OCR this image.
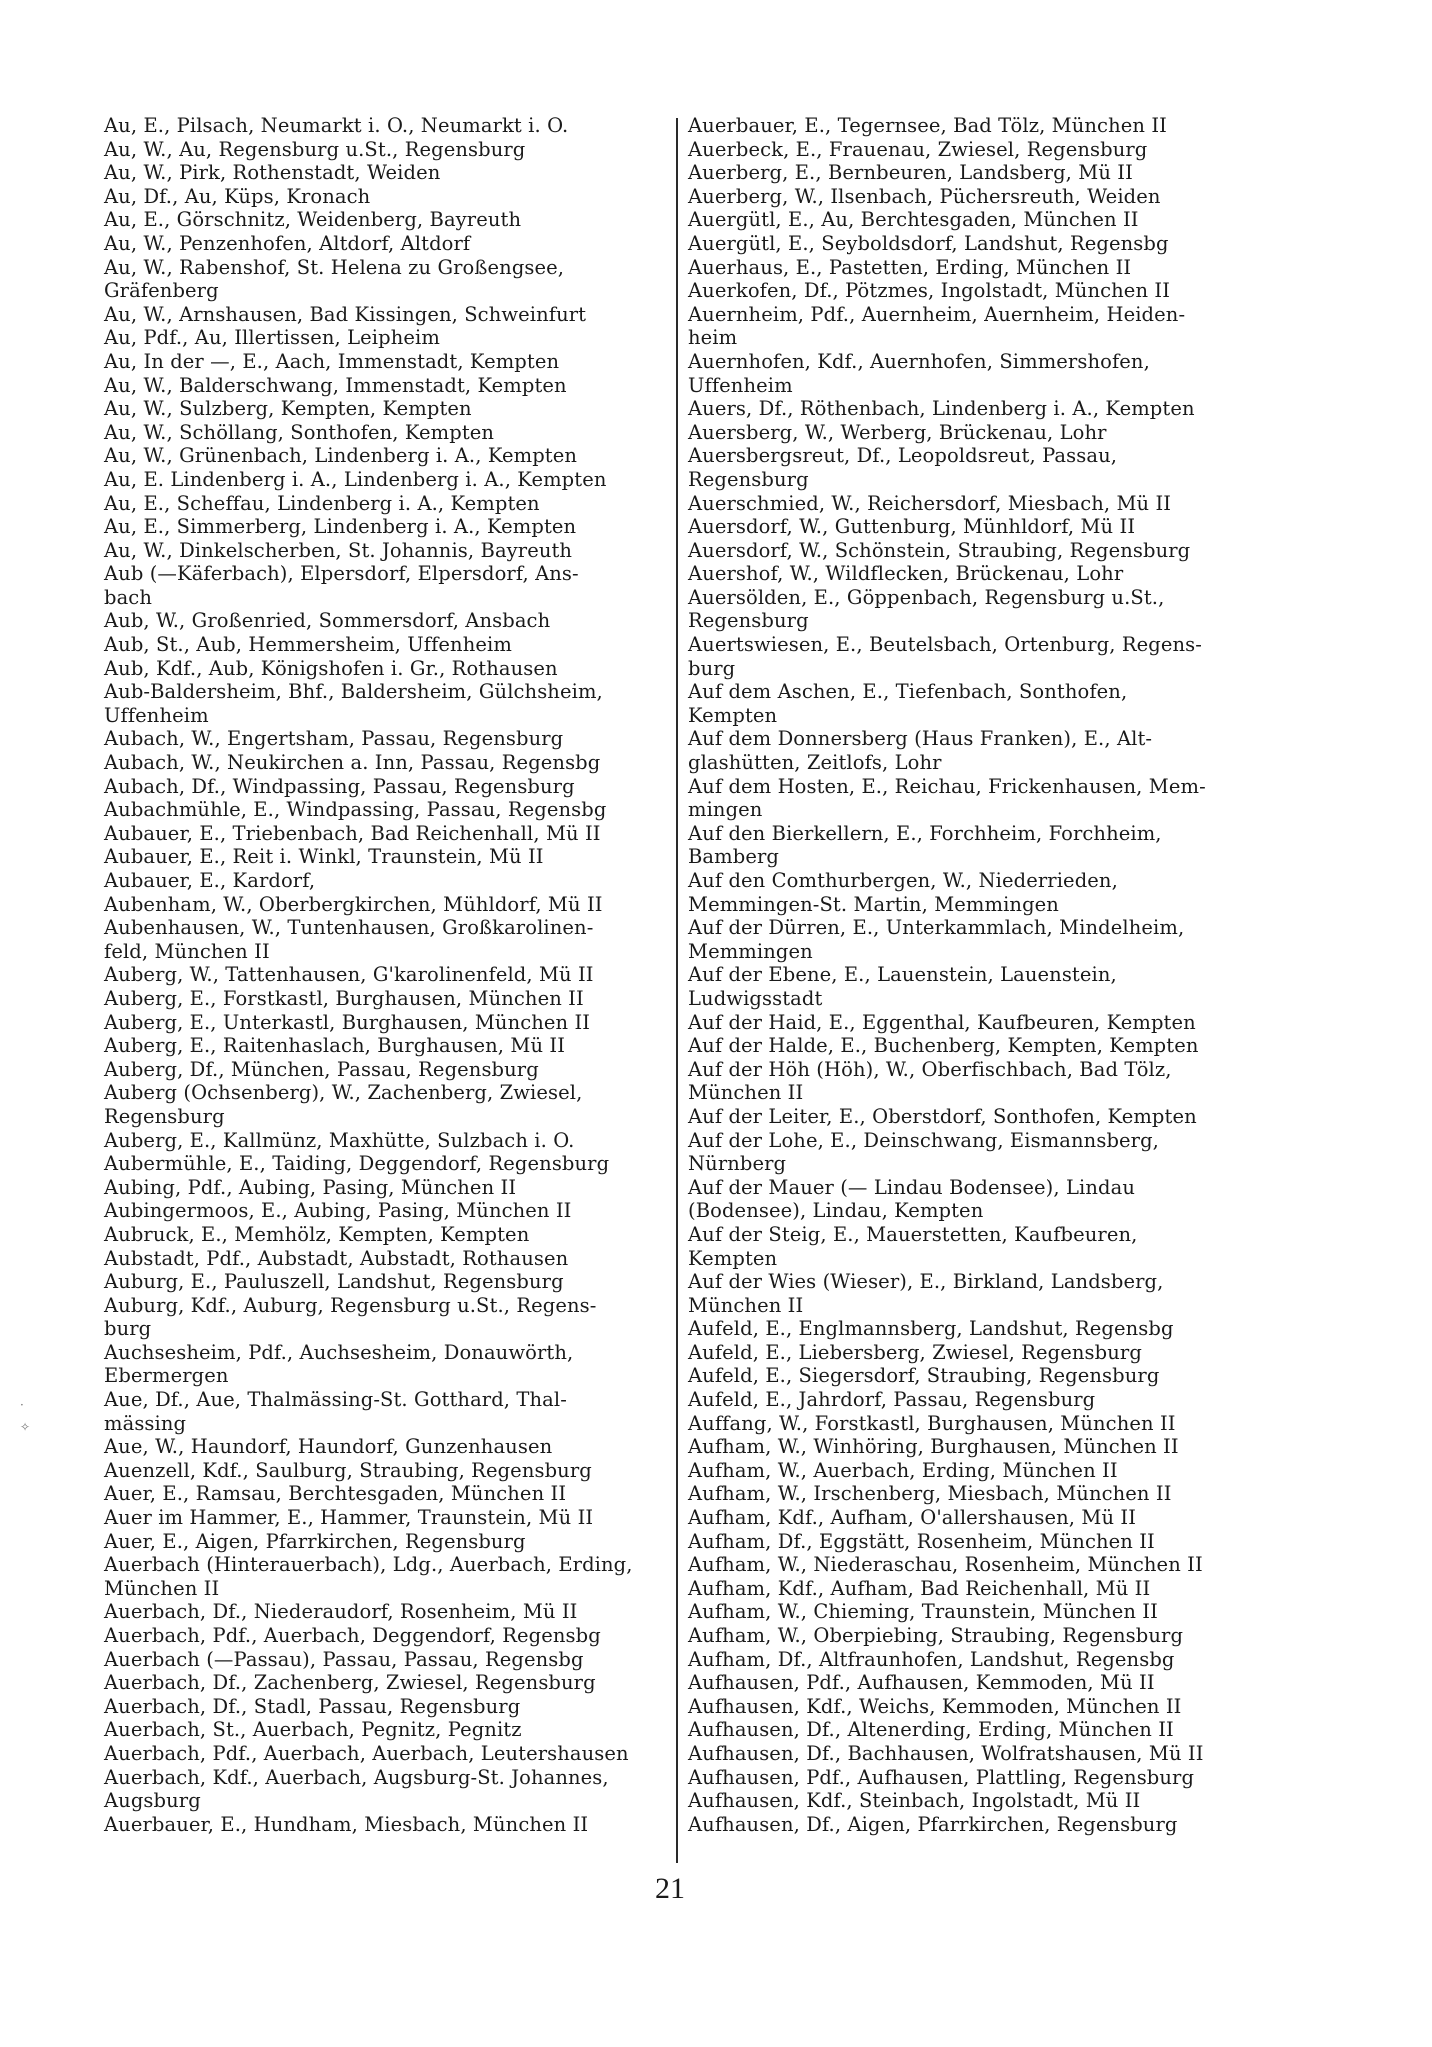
Au, E., Pilsach, Neumarkt i. O., Neumarkt i. O.
Au, W., Au, Regensburg u.St., Regensburg
Au, W., Pirk, Rothenstadt, Weiden
Au, Df., Au, Küps, Kronach
Au, E., Görschnitz, Weidenberg, Bayreuth
Au, W., Penzenhofen, Altdorf, Altdorf
Au, W., Rabenshof, St. Helena zu Großengsee,
Gräfenberg
Au, W., Arnshausen, Bad Kissingen, Schweinfurt
Au, Pdf., Au, Illertissen, Leipheim
Au, In der —, E., Aach, Immenstadt, Kempten
Au, W., Balderschwang, Immenstadt, Kempten
Au, W., Sulzberg, Kempten, Kempten
Au, W., Schöllang, Sonthofen, Kempten
Au, W., Grünenbach, Lindenberg i. A., Kempten
Au, E. Lindenberg i. A., Lindenberg i. A., Kempten
Au, E., Scheffau, Lindenberg i. A., Kempten
Au, E., Simmerberg, Lindenberg i. A., Kempten
Au, W., Dinkelscherben, St. Johannis, Bayreuth
Aub (—Käferbach), Elpersdorf, Elpersdorf, Ans-
bach
Aub, W., Großenried, Sommersdorf, Ansbach
Aub, St., Aub, Hemmersheim, Uffenheim
Aub, Kdf., Aub, Königshofen i. Gr., Rothausen
Aub-Baldersheim, Bhf., Baldersheim, Gülchsheim,
Uffenheim
Aubach, W., Engertsham, Passau, Regensburg
Aubach, W., Neukirchen a. Inn, Passau, Regensbg
Aubach, Df., Windpassing, Passau, Regensburg
Aubachmühle, E., Windpassing, Passau, Regensbg
Aubauer, E., Triebenbach, Bad Reichenhall, Mü II
Aubauer, E., Reit i. Winkl, Traunstein, Mü II
Aubauer, E., Kardorf,
Aubenham, W., Oberbergkirchen, Mühldorf, Mü II
Aubenhausen, W., Tuntenhausen, Großkarolinen-
feld, München II
Auberg, W., Tattenhausen, G'karolinenfeld, Mü II
Auberg, E., Forstkastl, Burghausen, München II
Auberg, E., Unterkastl, Burghausen, München II
Auberg, E., Raitenhaslach, Burghausen, Mü II
Auberg, Df., München, Passau, Regensburg
Auberg (Ochsenberg), W., Zachenberg, Zwiesel,
Regensburg
Auberg, E., Kallmünz, Maxhütte, Sulzbach i. O.
Aubermühle, E., Taiding, Deggendorf, Regensburg
Aubing, Pdf., Aubing, Pasing, München II
Aubingermoos, E., Aubing, Pasing, München II
Aubruck, E., Memhölz, Kempten, Kempten
Aubstadt, Pdf., Aubstadt, Aubstadt, Rothausen
Auburg, E., Pauluszell, Landshut, Regensburg
Auburg, Kdf., Auburg, Regensburg u.St., Regens-
burg
Auchsesheim, Pdf., Auchsesheim, Donauwörth,
Ebermergen
Aue, Df., Aue, Thalmässing-St. Gotthard, Thal-
mässing
Aue, W., Haundorf, Haundorf, Gunzenhausen
Auenzell, Kdf., Saulburg, Straubing, Regensburg
Auer, E., Ramsau, Berchtesgaden, München II
Auer im Hammer, E., Hammer, Traunstein, Mü II
Auer, E., Aigen, Pfarrkirchen, Regensburg
Auerbach (Hinterauerbach), Ldg., Auerbach, Erding,
München II
Auerbach, Df., Niederaudorf, Rosenheim, Mü II
Auerbach, Pdf., Auerbach, Deggendorf, Regensbg
Auerbach (—Passau), Passau, Passau, Regensbg
Auerbach, Df., Zachenberg, Zwiesel, Regensburg
Auerbach, Df., Stadl, Passau, Regensburg
Auerbach, St., Auerbach, Pegnitz, Pegnitz
Auerbach, Pdf., Auerbach, Auerbach, Leutershausen
Auerbach, Kdf., Auerbach, Augsburg-St. Johannes,
Augsburg
Auerbauer, E., Hundham, Miesbach, München II
Auerbauer, E., Tegernsee, Bad Tölz, München II
Auerbeck, E., Frauenau, Zwiesel, Regensburg
Auerberg, E., Bernbeuren, Landsberg, Mü II
Auerberg, W., Ilsenbach, Püchersreuth, Weiden
Auergütl, E., Au, Berchtesgaden, München II
Auergütl, E., Seyboldsdorf, Landshut, Regensbg
Auerhaus, E., Pastetten, Erding, München II
Auerkofen, Df., Pötzmes, Ingolstadt, München II
Auernheim, Pdf., Auernheim, Auernheim, Heiden-
heim
Auernhofen, Kdf., Auernhofen, Simmershofen,
Uffenheim
Auers, Df., Röthenbach, Lindenberg i. A., Kempten
Auersberg, W., Werberg, Brückenau, Lohr
Auersbergsreut, Df., Leopoldsreut, Passau,
Regensburg
Auerschmied, W., Reichersdorf, Miesbach, Mü II
Auersdorf, W., Guttenburg, Münhldorf, Mü II
Auersdorf, W., Schönstein, Straubing, Regensburg
Auershof, W., Wildflecken, Brückenau, Lohr
Auersölden, E., Göppenbach, Regensburg u.St.,
Regensburg
Auertswiesen, E., Beutelsbach, Ortenburg, Regens-
burg
Auf dem Aschen, E., Tiefenbach, Sonthofen,
Kempten
Auf dem Donnersberg (Haus Franken), E., Alt-
glashütten, Zeitlofs, Lohr
Auf dem Hosten, E., Reichau, Frickenhausen, Mem-
mingen
Auf den Bierkellern, E., Forchheim, Forchheim,
Bamberg
Auf den Comthurbergen, W., Niederrieden,
Memmingen-St. Martin, Memmingen
Auf der Dürren, E., Unterkammlach, Mindelheim,
Memmingen
Auf der Ebene, E., Lauenstein, Lauenstein,
Ludwigsstadt
Auf der Haid, E., Eggenthal, Kaufbeuren, Kempten
Auf der Halde, E., Buchenberg, Kempten, Kempten
Auf der Höh (Höh), W., Oberfischbach, Bad Tölz,
München II
Auf der Leiter, E., Oberstdorf, Sonthofen, Kempten
Auf der Lohe, E., Deinschwang, Eismannsberg,
Nürnberg
Auf der Mauer (— Lindau Bodensee), Lindau
(Bodensee), Lindau, Kempten
Auf der Steig, E., Mauerstetten, Kaufbeuren,
Kempten
Auf der Wies (Wieser), E., Birkland, Landsberg,
München II
Aufeld, E., Englmannsberg, Landshut, Regensbg
Aufeld, E., Liebersberg, Zwiesel, Regensburg
Aufeld, E., Siegersdorf, Straubing, Regensburg
Aufeld, E., Jahrdorf, Passau, Regensburg
Auffang, W., Forstkastl, Burghausen, München II
Aufham, W., Winhöring, Burghausen, München II
Aufham, W., Auerbach, Erding, München II
Aufham, W., Irschenberg, Miesbach, München II
Aufham, Kdf., Aufham, O'allershausen, Mü II
Aufham, Df., Eggstätt, Rosenheim, München II
Aufham, W., Niederaschau, Rosenheim, München II
Aufham, Kdf., Aufham, Bad Reichenhall, Mü II
Aufham, W., Chieming, Traunstein, München II
Aufham, W., Oberpiebing, Straubing, Regensburg
Aufham, Df., Altfraunhofen, Landshut, Regensbg
Aufhausen, Pdf., Aufhausen, Kemmoden, Mü II
Aufhausen, Kdf., Weichs, Kemmoden, München II
Aufhausen, Df., Altenerding, Erding, München II
Aufhausen, Df., Bachhausen, Wolfratshausen, Mü II
Aufhausen, Pdf., Aufhausen, Plattling, Regensburg
Aufhausen, Kdf., Steinbach, Ingolstadt, Mü II
Aufhausen, Df., Aigen, Pfarrkirchen, Regensburg
21
✧
·
